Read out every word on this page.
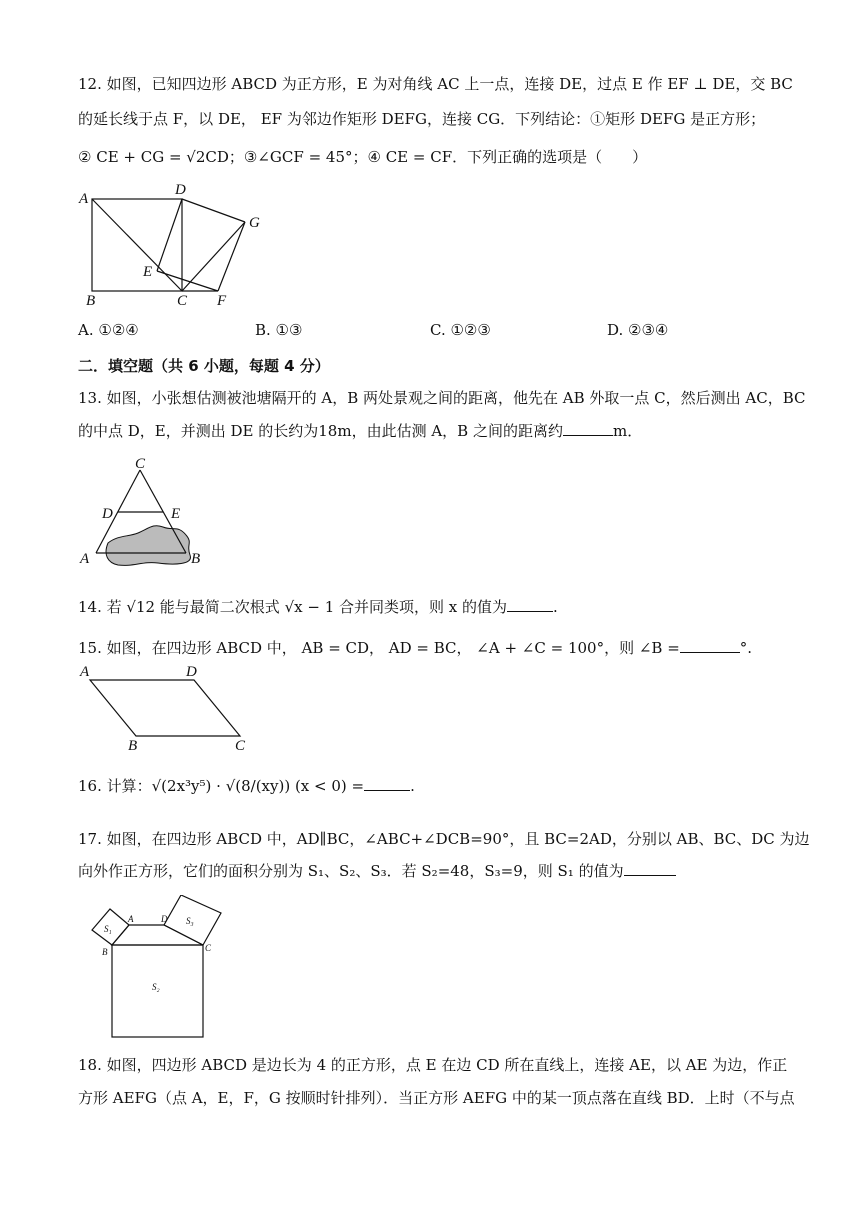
12. 如图，已知四边形 ABCD 为正方形，E 为对角线 AC 上一点，连接 DE，过点 E 作 EF ⊥ DE，交 BC
的延长线于点 F，以 DE， EF 为邻边作矩形 DEFG，连接 CG．下列结论：①矩形 DEFG 是正方形；
② CE + CG = √2CD；③∠GCF = 45°；④ CE = CF．下列正确的选项是（　　）
A
D
G
E
B	C F
A. ①②④	B. ①③	C. ①②③	D. ②③④
二．填空题（共 6 小题，每题 4 分）
13. 如图，小张想估测被池塘隔开的 A，B 两处景观之间的距离，他先在 AB 外取一点 C，然后测出 AC，BC
的中点 D，E，并测出 DE 的长约为18m，由此估测 A，B 之间的距离约	m．
C
D	E
A	B
14. 若 √12 能与最简二次根式 √x − 1 合并同类项，则 x 的值为	.
15. 如图，在四边形 ABCD 中， AB = CD， AD = BC， ∠A + ∠C = 100°，则 ∠B =	°.
A	D
B	C
16. 计算：√(2x³y⁵) · √(8/(xy)) (x < 0) =	.
17. 如图，在四边形 ABCD 中，AD∥BC，∠ABC+∠DCB=90°，且 BC=2AD，分别以 AB、BC、DC 为边
向外作正方形，它们的面积分别为 S₁、S₂、S₃．若 S₂=48，S₃=9，则 S₁ 的值为
S₁
A	D S₃
B	C
S₂
18. 如图，四边形 ABCD 是边长为 4 的正方形，点 E 在边 CD 所在直线上，连接 AE，以 AE 为边，作正
方形 AEFG（点 A，E，F，G 按顺时针排列）．当正方形 AEFG 中的某一顶点落在直线 BD．上时（不与点
